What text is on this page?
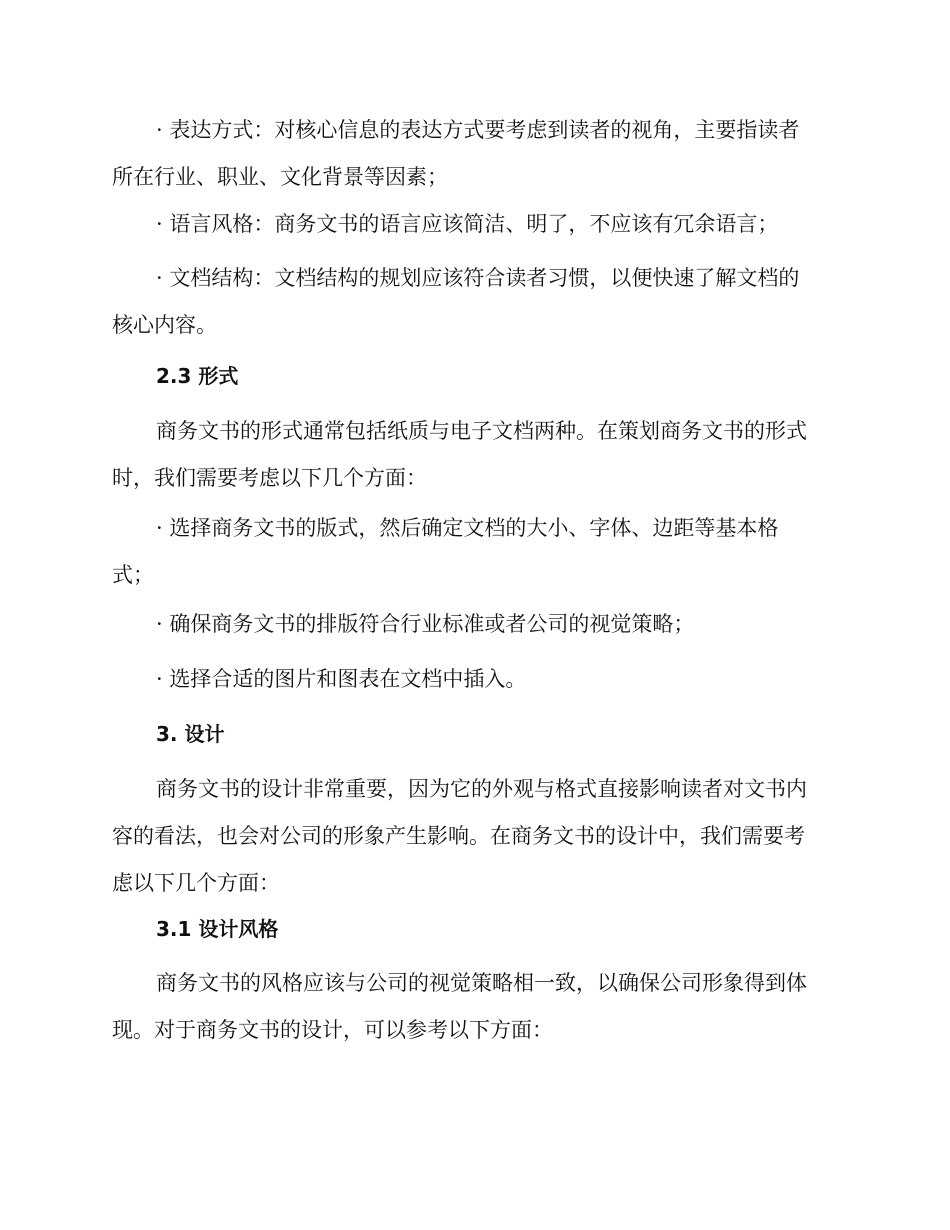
· 表达方式：对核心信息的表达方式要考虑到读者的视角，主要指读者
所在行业、职业、文化背景等因素；

· 语言风格：商务文书的语言应该简洁、明了，不应该有冗余语言；

· 文档结构：文档结构的规划应该符合读者习惯，以便快速了解文档的
核心内容。

2.3 形式

商务文书的形式通常包括纸质与电子文档两种。在策划商务文书的形式
时，我们需要考虑以下几个方面：

· 选择商务文书的版式，然后确定文档的大小、字体、边距等基本格
式；

· 确保商务文书的排版符合行业标准或者公司的视觉策略；

· 选择合适的图片和图表在文档中插入。

3. 设计

商务文书的设计非常重要，因为它的外观与格式直接影响读者对文书内
容的看法，也会对公司的形象产生影响。在商务文书的设计中，我们需要考
虑以下几个方面：

3.1 设计风格

商务文书的风格应该与公司的视觉策略相一致，以确保公司形象得到体
现。对于商务文书的设计，可以参考以下方面：
